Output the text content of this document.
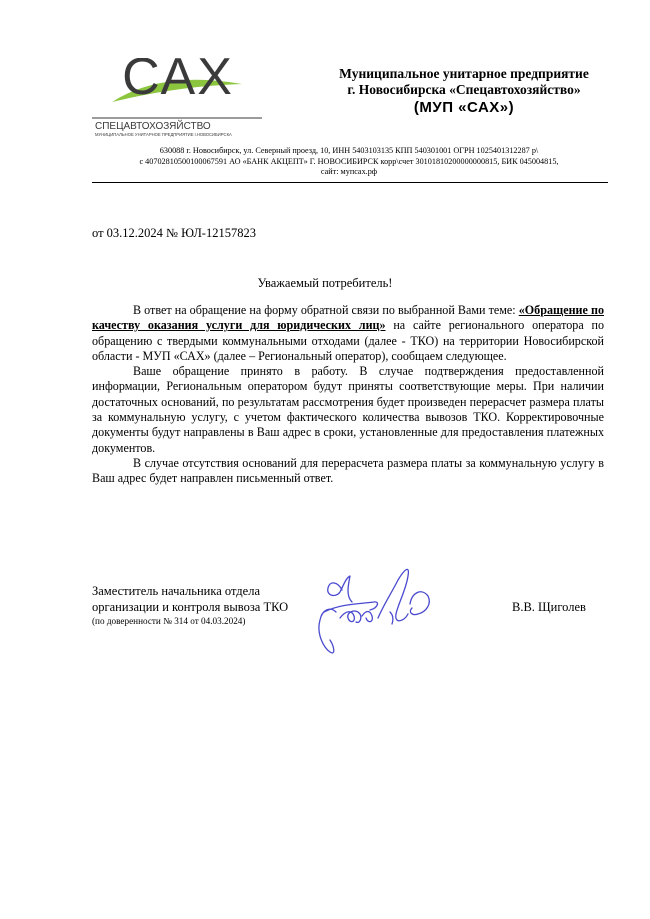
САХ
СПЕЦАВТОХОЗЯЙСТВО
МУНИЦИПАЛЬНОЕ УНИТАРНОЕ ПРЕДПРИЯТИЕ г.НОВОСИБИРСКА
Муниципальное унитарное предприятие
г. Новосибирска «Спецавтохозяйство»
(МУП «САХ»)
630088 г. Новосибирск, ул. Северный проезд, 10, ИНН 5403103135 КПП 540301001 ОГРН 1025401312287 р\
с 40702810500100067591 АО «БАНК АКЦЕПТ» Г. НОВОСИБИРСК корр\счет 30101810200000000815, БИК 045004815,
сайт: мупсах.рф
от 03.12.2024 № ЮЛ-12157823
Уважаемый потребитель!

В ответ на обращение на форму обратной связи по выбранной Вами теме: «Обращение по качеству оказания услуги для юридических лиц» на сайте регионального оператора по обращению с твердыми коммунальными отходами (далее - ТКО) на территории Новосибирской области - МУП «САХ» (далее – Региональный оператор), сообщаем следующее.

Ваше обращение принято в работу. В случае подтверждения предоставленной информации, Региональным оператором будут приняты соответствующие меры. При наличии достаточных оснований, по результатам рассмотрения будет произведен перерасчет размера платы за коммунальную услугу, с учетом фактического количества вывозов ТКО. Корректировочные документы будут направлены в Ваш адрес в сроки, установленные для предоставления платежных документов.

В случае отсутствия оснований для перерасчета размера платы за коммунальную услугу в Ваш адрес будет направлен письменный ответ.

Заместитель начальника отдела
организации и контроля вывоза ТКО
(по доверенности № 314 от 04.03.2024)
В.В. Щиголев
